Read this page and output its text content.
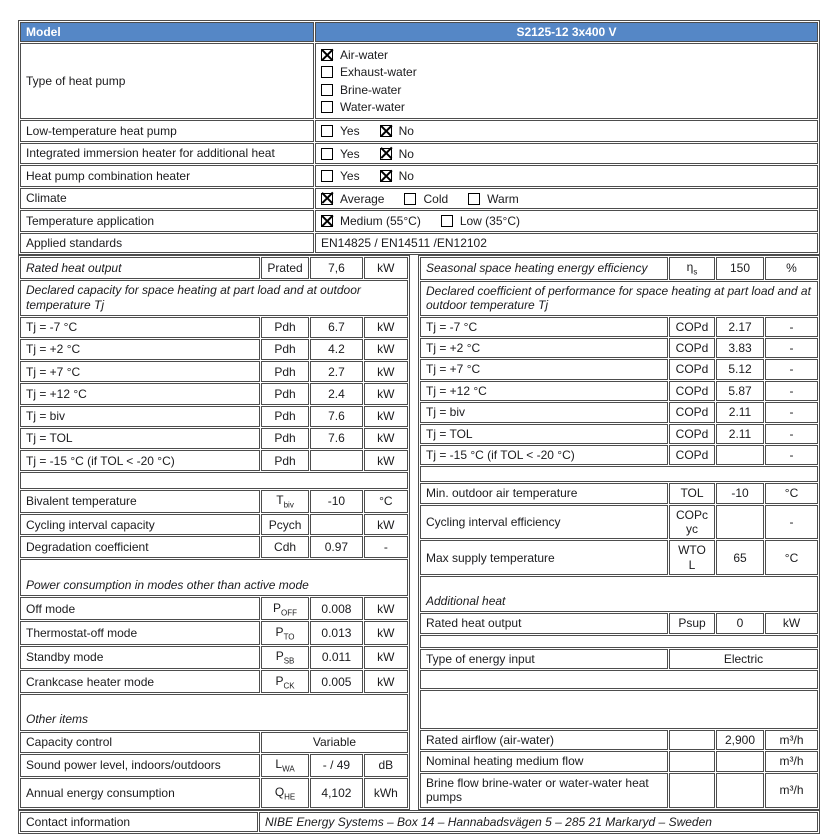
Model	S2125-12 3x400 V
Type of heat pump	Air-water
Exhaust-water
Brine-water
Water-water

Low-temperature heat pump	Yes No

Integrated immersion heater for additional heat	Yes No

Heat pump combination heater	Yes No

Climate	Average Cold Warm

Temperature application	Medium (55°C) Low (35°C)

Applied standards	EN14825 / EN14511 /EN12102
Rated heat output	Prated	7,6	kW
Declared capacity for space heating at part load and at outdoor temperature Tj			
Tj = -7 °C	Pdh	6.7	kW
Tj = +2 °C	Pdh	4.2	kW
Tj = +7 °C	Pdh	2.7	kW
Tj = +12 °C	Pdh	2.4	kW
Tj = biv	Pdh	7.6	kW
Tj = TOL	Pdh	7.6	kW
Tj = -15 °C (if TOL < -20 °C)	Pdh		kW

Bivalent temperature	$T_{biv}$	-10	°C
Cycling interval capacity	Pcych		kW
Degradation coefficient	Cdh	0.97	-
Power consumption in modes other than active mode			
Off mode	$P_{OFF}$	0.008	kW
Thermostat-off mode	$P_{TO}$	0.013	kW
Standby mode	$P_{SB}$	0.011	kW
Crankcase heater mode	$P_{CK}$	0.005	kW
Other items			
Capacity control	Variable		
Sound power level, indoors/outdoors	$L_{WA}$	- / 49	dB
Annual energy consumption	$Q_{HE}$	4,102	kWh
Seasonal space heating energy efficiency	$\eta_s$	150	%
Declared coefficient of performance for space heating at part load and at outdoor temperature Tj			
Tj = -7 °C	COPd	2.17	-
Tj = +2 °C	COPd	3.83	-
Tj = +7 °C	COPd	5.12	-
Tj = +12 °C	COPd	5.87	-
Tj = biv	COPd	2.11	-
Tj = TOL	COPd	2.11	-
Tj = -15 °C (if TOL < -20 °C)	COPd		-

Min. outdoor air temperature	TOL	-10	°C
Cycling interval efficiency	COPcyc		-
Max supply temperature	WTOL	65	°C
Additional heat			
Rated heat output	Psup	0	kW

Type of energy input	Electric		

Rated airflow (air-water)		2,900	m³/h
Nominal heating medium flow			m³/h
Brine flow brine-water or water-water heat pumps			m³/h
Contact information	NIBE Energy Systems – Box 14 – Hannabadsvägen 5 – 285 21 Markaryd – Sweden
